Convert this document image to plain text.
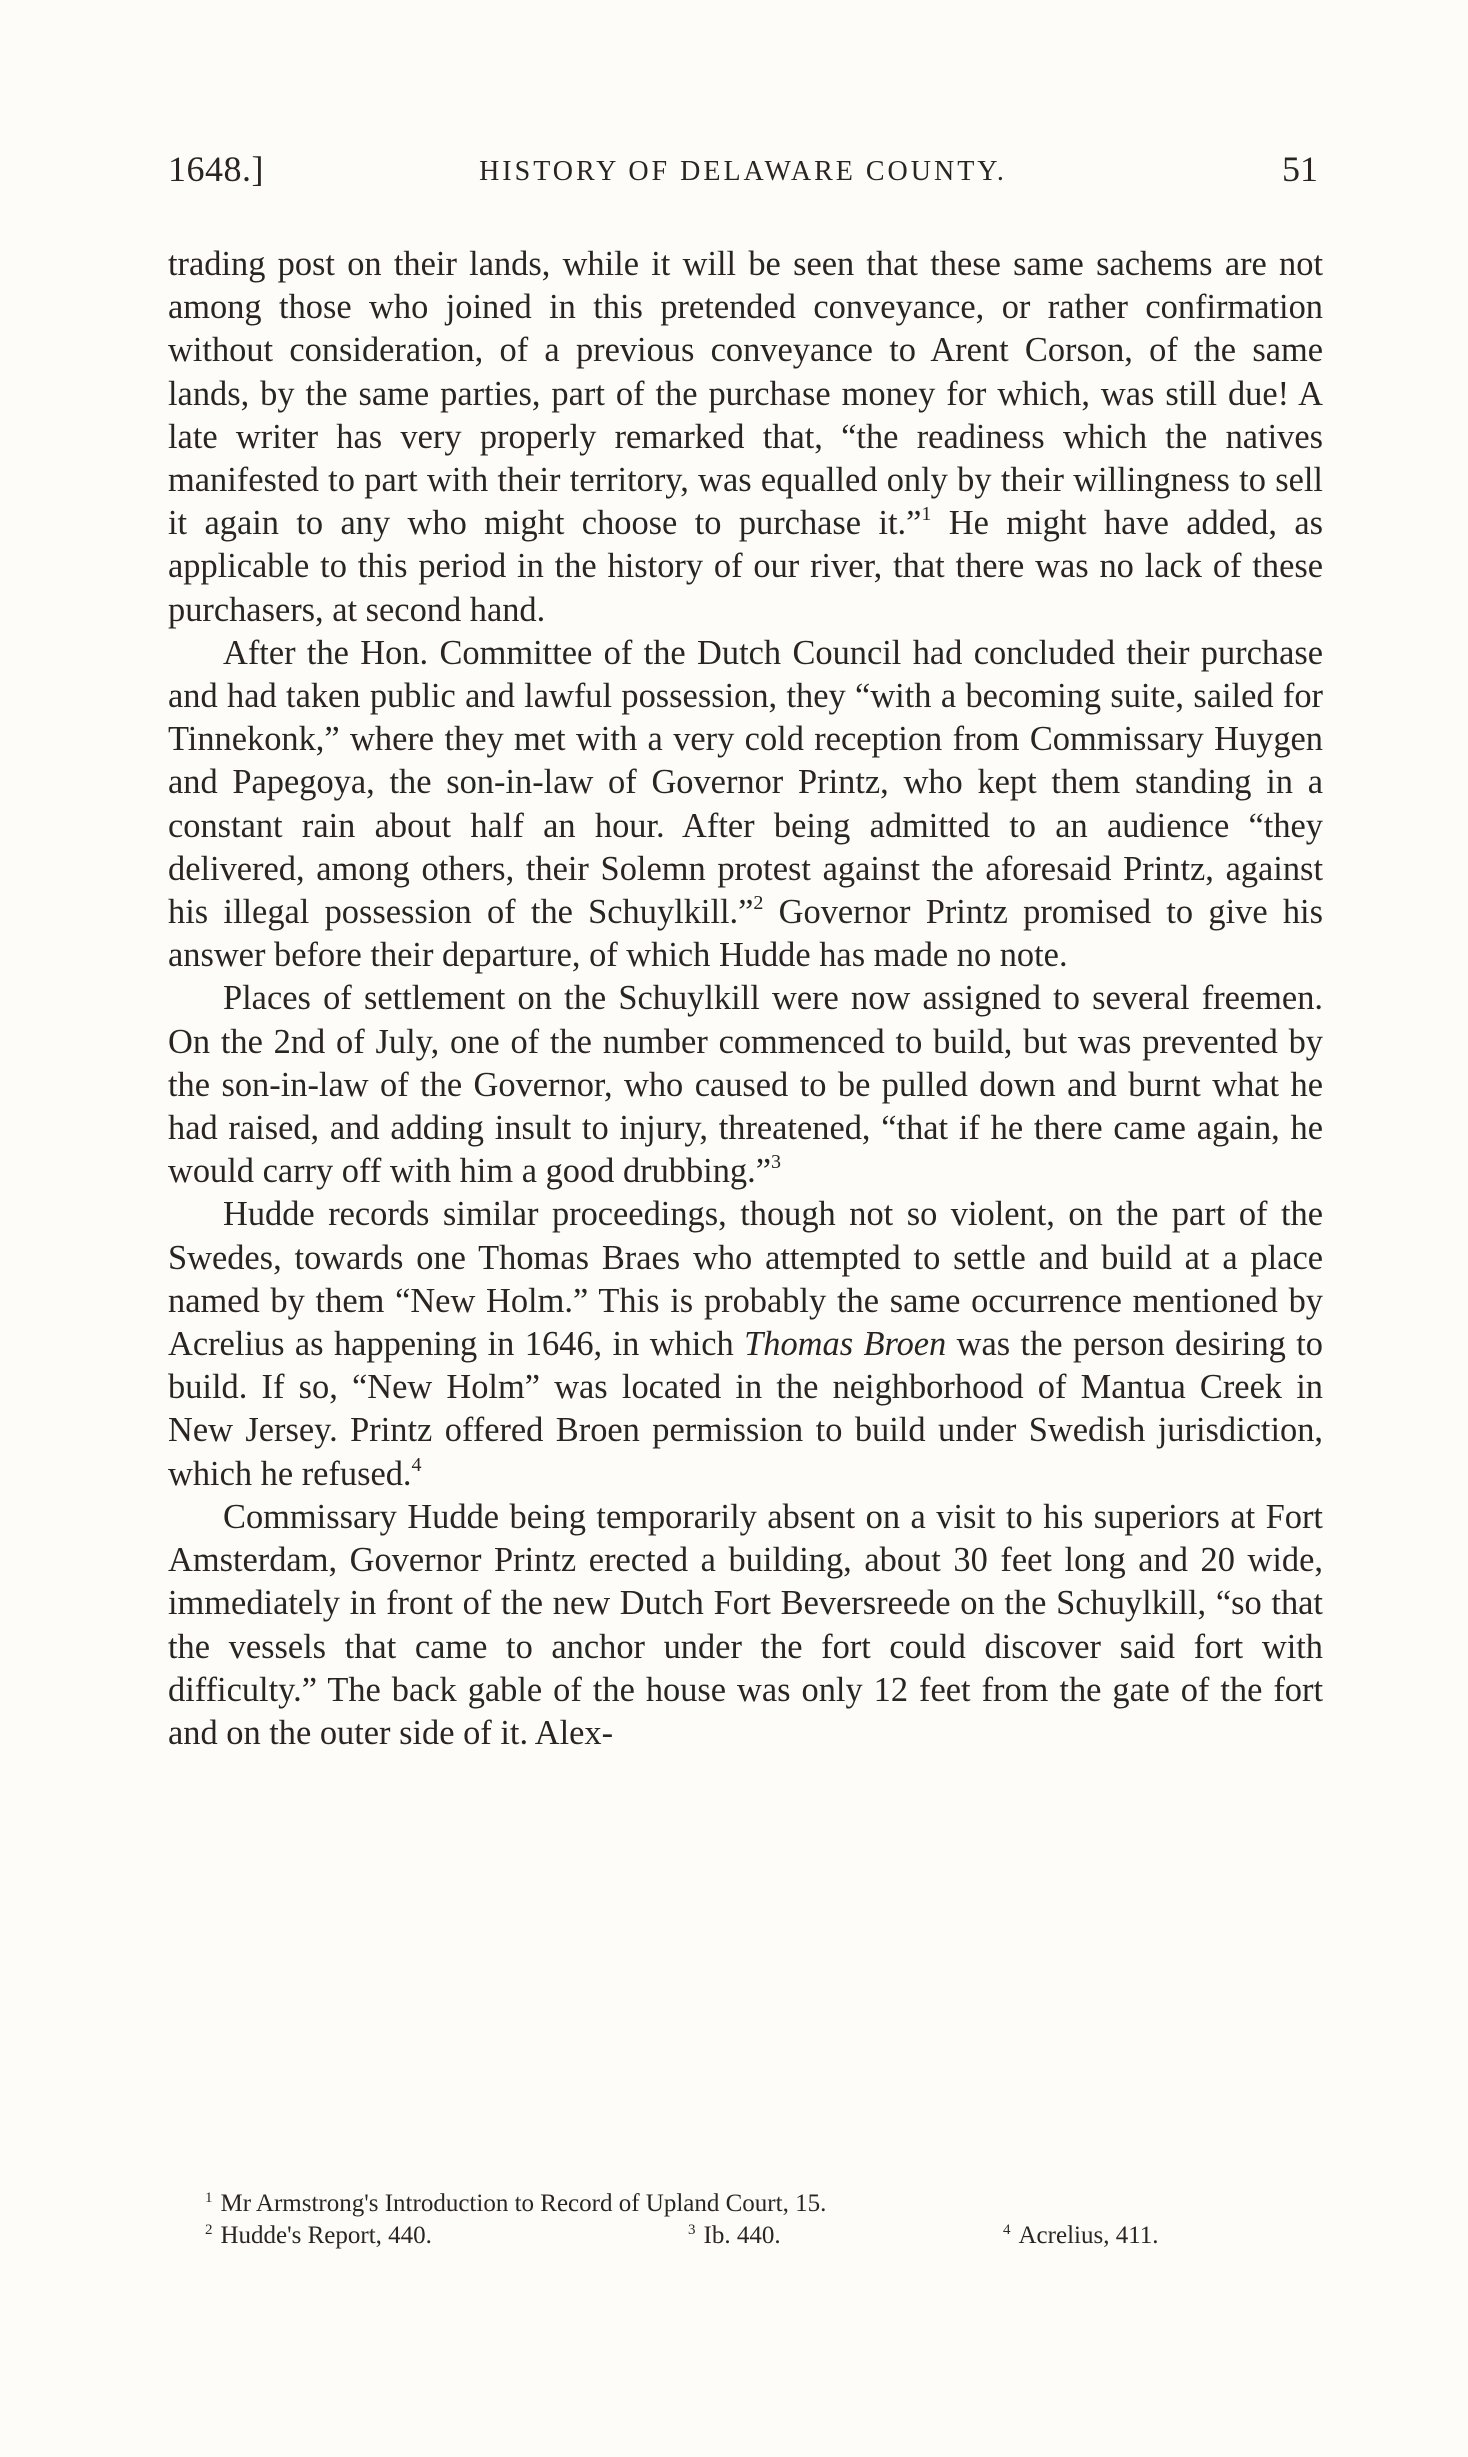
1648.]	HISTORY OF DELAWARE COUNTY.	51

trading post on their lands, while it will be seen that these same sachems are not among those who joined in this pretended conveyance, or rather confirmation without consideration, of a previous conveyance to Arent Corson, of the same lands, by the same parties, part of the purchase money for which, was still due! A late writer has very properly remarked that, “the readiness which the natives manifested to part with their territory, was equalled only by their willingness to sell it again to any who might choose to purchase it.”$^1$ He might have added, as applicable to this period in the history of our river, that there was no lack of these purchasers, at second hand.

After the Hon. Committee of the Dutch Council had concluded their purchase and had taken public and lawful possession, they “with a becoming suite, sailed for Tinnekonk,” where they met with a very cold reception from Commissary Huygen and Papegoya, the son-in-law of Governor Printz, who kept them standing in a constant rain about half an hour. After being admitted to an audience “they delivered, among others, their Solemn protest against the aforesaid Printz, against his illegal possession of the Schuylkill.”$^2$ Governor Printz promised to give his answer before their departure, of which Hudde has made no note.

Places of settlement on the Schuylkill were now assigned to several freemen. On the 2nd of July, one of the number commenced to build, but was prevented by the son-in-law of the Governor, who caused to be pulled down and burnt what he had raised, and adding insult to injury, threatened, “that if he there came again, he would carry off with him a good drubbing.”$^3$

Hudde records similar proceedings, though not so violent, on the part of the Swedes, towards one Thomas Braes who attempted to settle and build at a place named by them “New Holm.” This is probably the same occurrence mentioned by Acrelius as happening in 1646, in which Thomas Broen was the person desiring to build. If so, “New Holm” was located in the neighborhood of Mantua Creek in New Jersey. Printz offered Broen permission to build under Swedish jurisdiction, which he refused.$^4$

Commissary Hudde being temporarily absent on a visit to his superiors at Fort Amsterdam, Governor Printz erected a building, about 30 feet long and 20 wide, immediately in front of the new Dutch Fort Beversreede on the Schuylkill, “so that the vessels that came to anchor under the fort could discover said fort with difficulty.” The back gable of the house was only 12 feet from the gate of the fort and on the outer side of it. Alex-

$^1$ Mr Armstrong's Introduction to Record of Upland Court, 15.
$^2$ Hudde's Report, 440.	$^3$ Ib. 440.	$^4$ Acrelius, 411.
